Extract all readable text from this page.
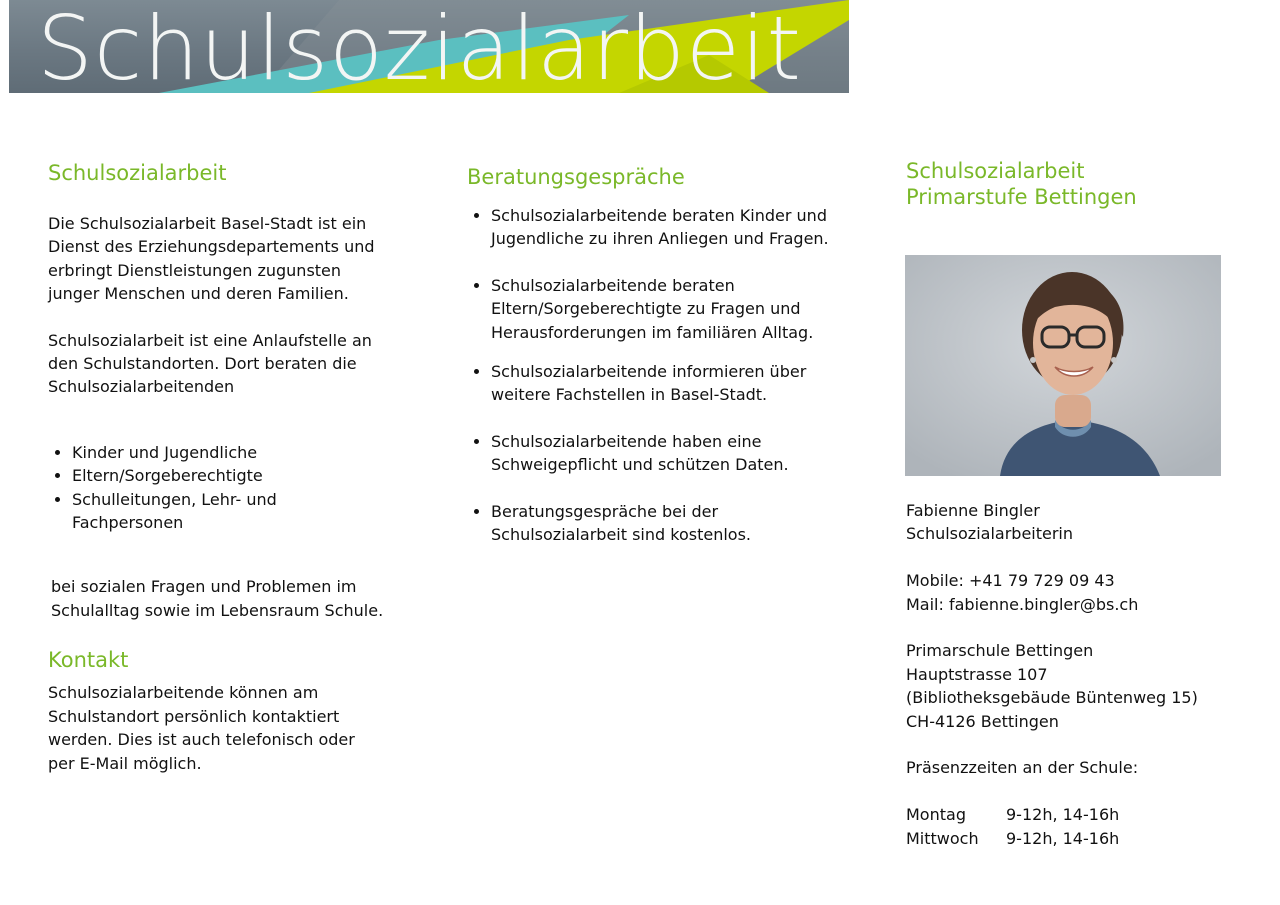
Schulsozialarbeit
Schulsozialarbeit

Die Schulsozialarbeit Basel-Stadt ist ein Dienst des Erziehungsdepartements und erbringt Dienstleistungen zugunsten junger Menschen und deren Familien.

Schulsozialarbeit ist eine Anlaufstelle an den Schulstandorten. Dort beraten die Schulsozialarbeitenden

• Kinder und Jugendliche
• Eltern/Sorgeberechtigte
• Schulleitungen, Lehr- und Fachpersonen

bei sozialen Fragen und Problemen im Schulalltag sowie im Lebensraum Schule.

Kontakt

Schulsozialarbeitende können am Schulstandort persönlich kontaktiert werden. Dies ist auch telefonisch oder per E-Mail möglich.

Beratungsgespräche
• Schulsozialarbeitende beraten Kinder und Jugendliche zu ihren Anliegen und Fragen.
• Schulsozialarbeitende beraten Eltern/Sorgeberechtigte zu Fragen und Herausforderungen im familiären Alltag.
• Schulsozialarbeitende informieren über weitere Fachstellen in Basel-Stadt.
• Schulsozialarbeitende haben eine Schweigepflicht und schützen Daten.
• Beratungsgespräche bei der Schulsozialarbeit sind kostenlos.
Schulsozialarbeit
Primarstufe Bettingen

Fabienne Bingler

Schulsozialarbeiterin

Mobile: +41 79 729 09 43

Mail: fabienne.bingler@bs.ch

Primarschule Bettingen

Hauptstrasse 107

(Bibliotheksgebäude Büntenweg 15)

CH-4126 Bettingen

Präsenzzeiten an der Schule:

Montag	9-12h, 14-16h
Mittwoch	9-12h, 14-16h
